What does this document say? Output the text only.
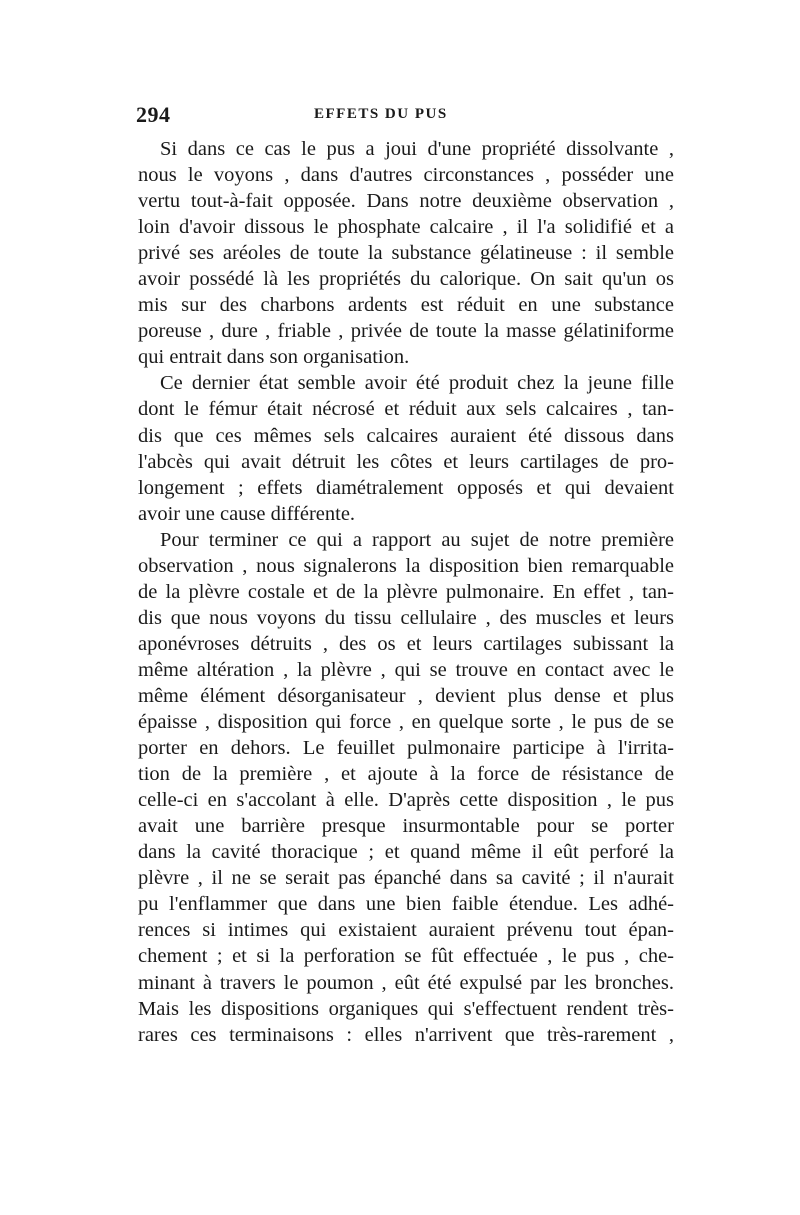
294	EFFETS DU PUS
Si dans ce cas le pus a joui d'une propriété dissolvante ,
nous le voyons , dans d'autres circonstances , posséder une
vertu tout-à-fait opposée. Dans notre deuxième observation ,
loin d'avoir dissous le phosphate calcaire , il l'a solidifié et a
privé ses aréoles de toute la substance gélatineuse : il semble
avoir possédé là les propriétés du calorique. On sait qu'un os
mis sur des charbons ardents est réduit en une substance
poreuse , dure , friable , privée de toute la masse gélatiniforme
qui entrait dans son organisation.
Ce dernier état semble avoir été produit chez la jeune fille
dont le fémur était nécrosé et réduit aux sels calcaires , tan-
dis que ces mêmes sels calcaires auraient été dissous dans
l'abcès qui avait détruit les côtes et leurs cartilages de pro-
longement ; effets diamétralement opposés et qui devaient
avoir une cause différente.
Pour terminer ce qui a rapport au sujet de notre première
observation , nous signalerons la disposition bien remarquable
de la plèvre costale et de la plèvre pulmonaire. En effet , tan-
dis que nous voyons du tissu cellulaire , des muscles et leurs
aponévroses détruits , des os et leurs cartilages subissant la
même altération , la plèvre , qui se trouve en contact avec le
même élément désorganisateur , devient plus dense et plus
épaisse , disposition qui force , en quelque sorte , le pus de se
porter en dehors. Le feuillet pulmonaire participe à l'irrita-
tion de la première , et ajoute à la force de résistance de
celle-ci en s'accolant à elle. D'après cette disposition , le pus
avait une barrière presque insurmontable pour se porter
dans la cavité thoracique ; et quand même il eût perforé la
plèvre , il ne se serait pas épanché dans sa cavité ; il n'aurait
pu l'enflammer que dans une bien faible étendue. Les adhé-
rences si intimes qui existaient auraient prévenu tout épan-
chement ; et si la perforation se fût effectuée , le pus , che-
minant à travers le poumon , eût été expulsé par les bronches.
Mais les dispositions organiques qui s'effectuent rendent très-
rares ces terminaisons : elles n'arrivent que très-rarement ,
